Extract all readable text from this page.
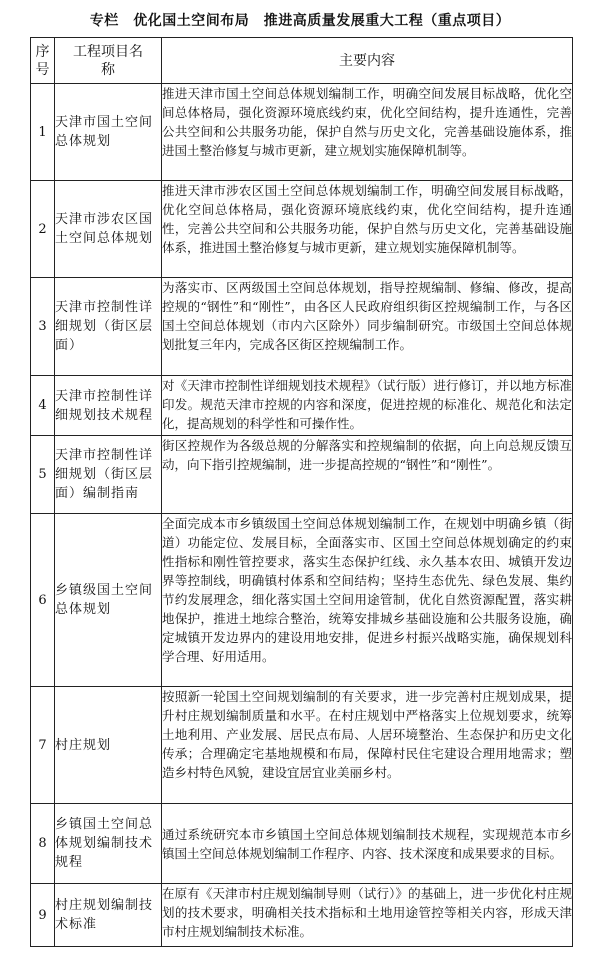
专栏　优化国土空间布局　推进高质量发展重大工程（重点项目）
序号	工程项目名称	主要内容
1	天津市国土空间总体规划	推进天津市国土空间总体规划编制工作，明确空间发展目标战略，优化空间总体格局，强化资源环境底线约束，优化空间结构，提升连通性，完善公共空间和公共服务功能，保护自然与历史文化，完善基础设施体系，推进国土整治修复与城市更新，建立规划实施保障机制等。
2	天津市涉农区国土空间总体规划	推进天津市涉农区国土空间总体规划编制工作，明确空间发展目标战略，优化空间总体格局，强化资源环境底线约束，优化空间结构，提升连通性，完善公共空间和公共服务功能，保护自然与历史文化，完善基础设施体系，推进国土整治修复与城市更新，建立规划实施保障机制等。
3	天津市控制性详细规划（街区层面）	为落实市、区两级国土空间总体规划，指导控规编制、修编、修改，提高控规的“钢性”和“刚性”，由各区人民政府组织街区控规编制工作，与各区国土空间总体规划（市内六区除外）同步编制研究。市级国土空间总体规划批复三年内，完成各区街区控规编制工作。
4	天津市控制性详细规划技术规程	对《天津市控制性详细规划技术规程》（试行版）进行修订，并以地方标准印发。规范天津市控规的内容和深度，促进控规的标准化、规范化和法定化，提高规划的科学性和可操作性。
5	天津市控制性详细规划（街区层面）编制指南	街区控规作为各级总规的分解落实和控规编制的依据，向上向总规反馈互动，向下指引控规编制，进一步提高控规的“钢性”和“刚性”。
6	乡镇级国土空间总体规划	全面完成本市乡镇级国土空间总体规划编制工作，在规划中明确乡镇（街道）功能定位、发展目标，全面落实市、区国土空间总体规划确定的约束性指标和刚性管控要求，落实生态保护红线、永久基本农田、城镇开发边界等控制线，明确镇村体系和空间结构；坚持生态优先、绿色发展、集约节约发展理念，细化落实国土空间用途管制，优化自然资源配置，落实耕地保护，推进土地综合整治，统筹安排城乡基础设施和公共服务设施，确定城镇开发边界内的建设用地安排，促进乡村振兴战略实施，确保规划科学合理、好用适用。
7	村庄规划	按照新一轮国土空间规划编制的有关要求，进一步完善村庄规划成果，提升村庄规划编制质量和水平。在村庄规划中严格落实上位规划要求，统筹土地利用、产业发展、居民点布局、人居环境整治、生态保护和历史文化传承；合理确定宅基地规模和布局，保障村民住宅建设合理用地需求；塑造乡村特色风貌，建设宜居宜业美丽乡村。
8	乡镇国土空间总体规划编制技术规程	通过系统研究本市乡镇国土空间总体规划编制技术规程，实现规范本市乡镇国土空间总体规划编制工作程序、内容、技术深度和成果要求的目标。
9	村庄规划编制技术标准	在原有《天津市村庄规划编制导则（试行）》的基础上，进一步优化村庄规划的技术要求，明确相关技术指标和土地用途管控等相关内容，形成天津市村庄规划编制技术标准。
